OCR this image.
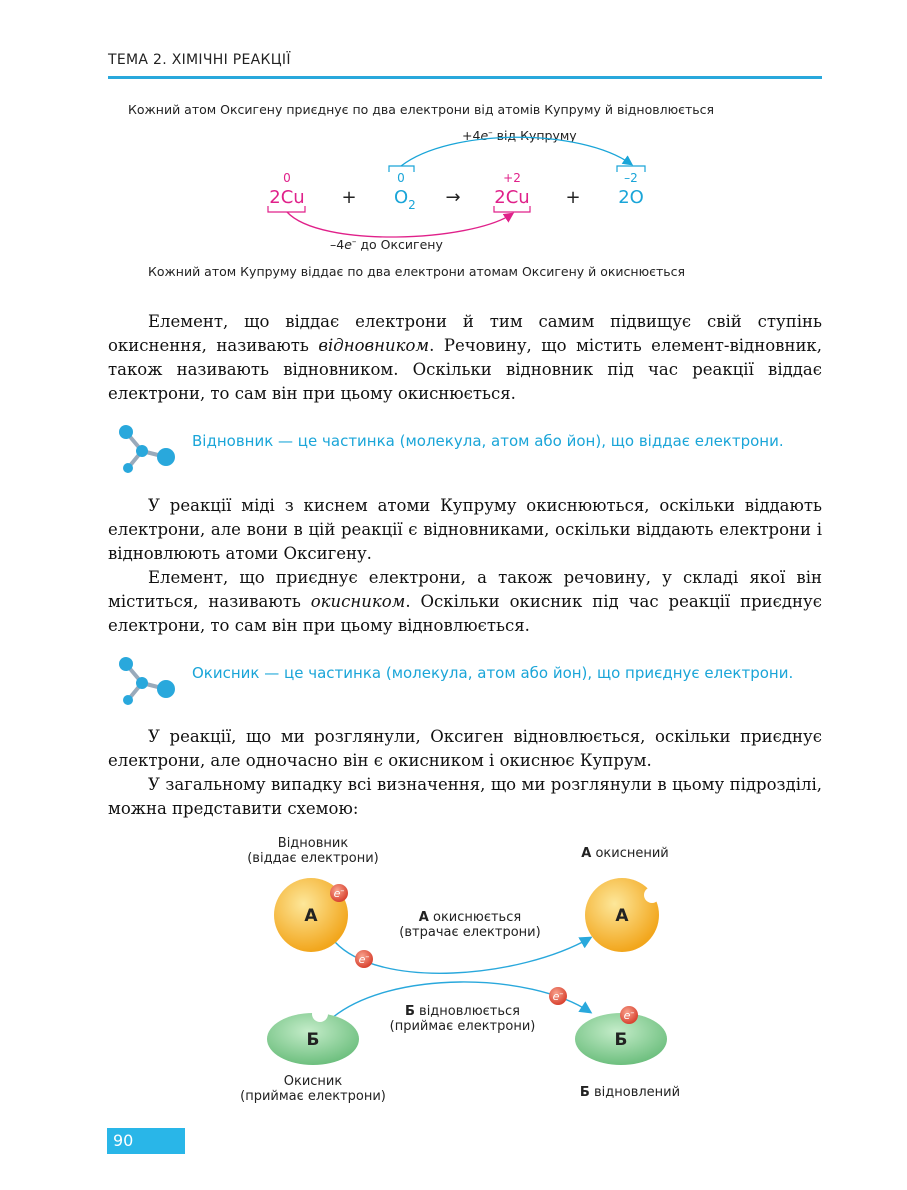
ТЕМА 2. ХІМІЧНІ РЕАКЦІЇ
Кожний атом Оксигену приєднує по два електрони від атомів Купруму й відновлюється
+4e– від Купруму
0
2Cu +
0
$O_2$ →
+2
2Cu +
–2
2O
–4e– до Оксигену
Кожний атом Купруму віддає по два електрони атомам Оксигену й окиснюється

Елемент, що віддає електрони й тим самим підвищує свій ступінь окиснення, називають відновником. Речовину, що містить елемент-відновник, також називають відновником. Оскільки відновник під час реакції віддає електрони, то сам він при цьому окиснюється.

Відновник — це частинка (молекула, атом або йон), що віддає електрони.

У реакції міді з киснем атоми Купруму окиснюються, оскільки віддають електрони, але вони в цій реакції є відновниками, оскільки віддають електрони і відновлюють атоми Оксигену.

Елемент, що приєднує електрони, а також речовину, у складі якої він міститься, називають окисником. Оскільки окисник під час реакції приєднує електрони, то сам він при цьому відновлюється.

Окисник — це частинка (молекула, атом або йон), що приєднує електрони.

У реакції, що ми розглянули, Оксиген відновлюється, оскільки приєднує електрони, але одночасно він є окисником і окиснює Купрум.

У загальному випадку всі визначення, що ми розглянули в цьому підрозділі, можна представити схемою:

Відновник
(віддає електрони)	А окиснений
А окиснюється
(втрачає електрони)
Б відновлюється
(приймає електрони)
Окисник
(приймає електрони)	Б відновлений
А
e–
А
e–
e–
Б	Б
e–
90
